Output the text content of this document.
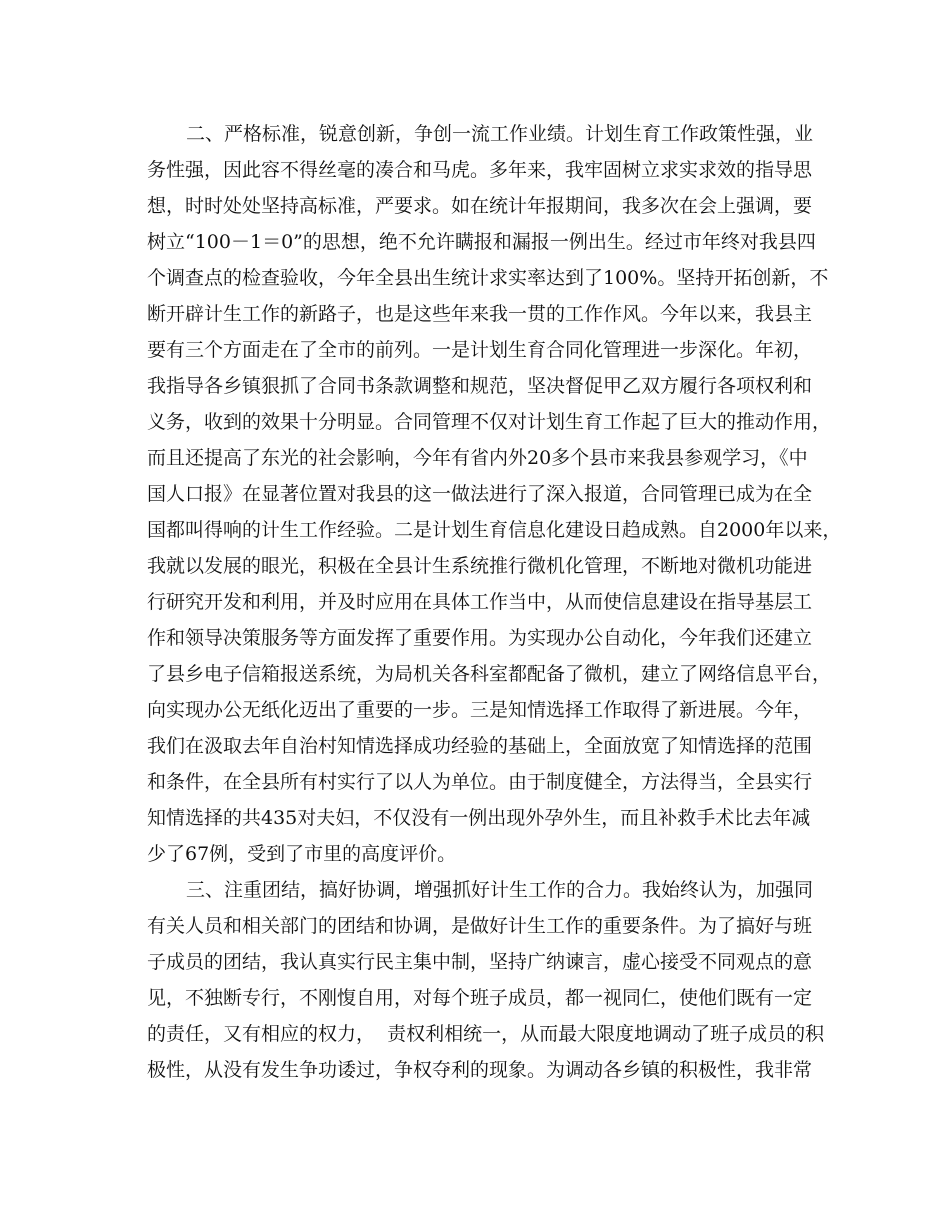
二、严格标准，锐意创新，争创一流工作业绩。计划生育工作政策性强，业
务性强，因此容不得丝毫的凑合和马虎。多年来，我牢固树立求实求效的指导思
想，时时处处坚持高标准，严要求。如在统计年报期间，我多次在会上强调，要
树立“100－1＝0”的思想，绝不允许瞒报和漏报一例出生。经过市年终对我县四
个调查点的检查验收，今年全县出生统计求实率达到了100%。坚持开拓创新，不
断开辟计生工作的新路子，也是这些年来我一贯的工作作风。今年以来，我县主
要有三个方面走在了全市的前列。一是计划生育合同化管理进一步深化。年初，
我指导各乡镇狠抓了合同书条款调整和规范，坚决督促甲乙双方履行各项权利和
义务，收到的效果十分明显。合同管理不仅对计划生育工作起了巨大的推动作用，
而且还提高了东光的社会影响，今年有省内外20多个县市来我县参观学习，《中
国人口报》在显著位置对我县的这一做法进行了深入报道，合同管理已成为在全
国都叫得响的计生工作经验。二是计划生育信息化建设日趋成熟。自2000年以来，
我就以发展的眼光，积极在全县计生系统推行微机化管理，不断地对微机功能进
行研究开发和利用，并及时应用在具体工作当中，从而使信息建设在指导基层工
作和领导决策服务等方面发挥了重要作用。为实现办公自动化，今年我们还建立
了县乡电子信箱报送系统，为局机关各科室都配备了微机，建立了网络信息平台，
向实现办公无纸化迈出了重要的一步。三是知情选择工作取得了新进展。今年，
我们在汲取去年自治村知情选择成功经验的基础上，全面放宽了知情选择的范围
和条件，在全县所有村实行了以人为单位。由于制度健全，方法得当，全县实行
知情选择的共435对夫妇，不仅没有一例出现外孕外生，而且补救手术比去年减
少了67例，受到了市里的高度评价。
三、注重团结，搞好协调，增强抓好计生工作的合力。我始终认为，加强同
有关人员和相关部门的团结和协调，是做好计生工作的重要条件。为了搞好与班
子成员的团结，我认真实行民主集中制，坚持广纳谏言，虚心接受不同观点的意
见，不独断专行，不刚愎自用，对每个班子成员，都一视同仁，使他们既有一定
的责任，又有相应的权力，  责权利相统一，从而最大限度地调动了班子成员的积
极性，从没有发生争功诿过，争权夺利的现象。为调动各乡镇的积极性，我非常
